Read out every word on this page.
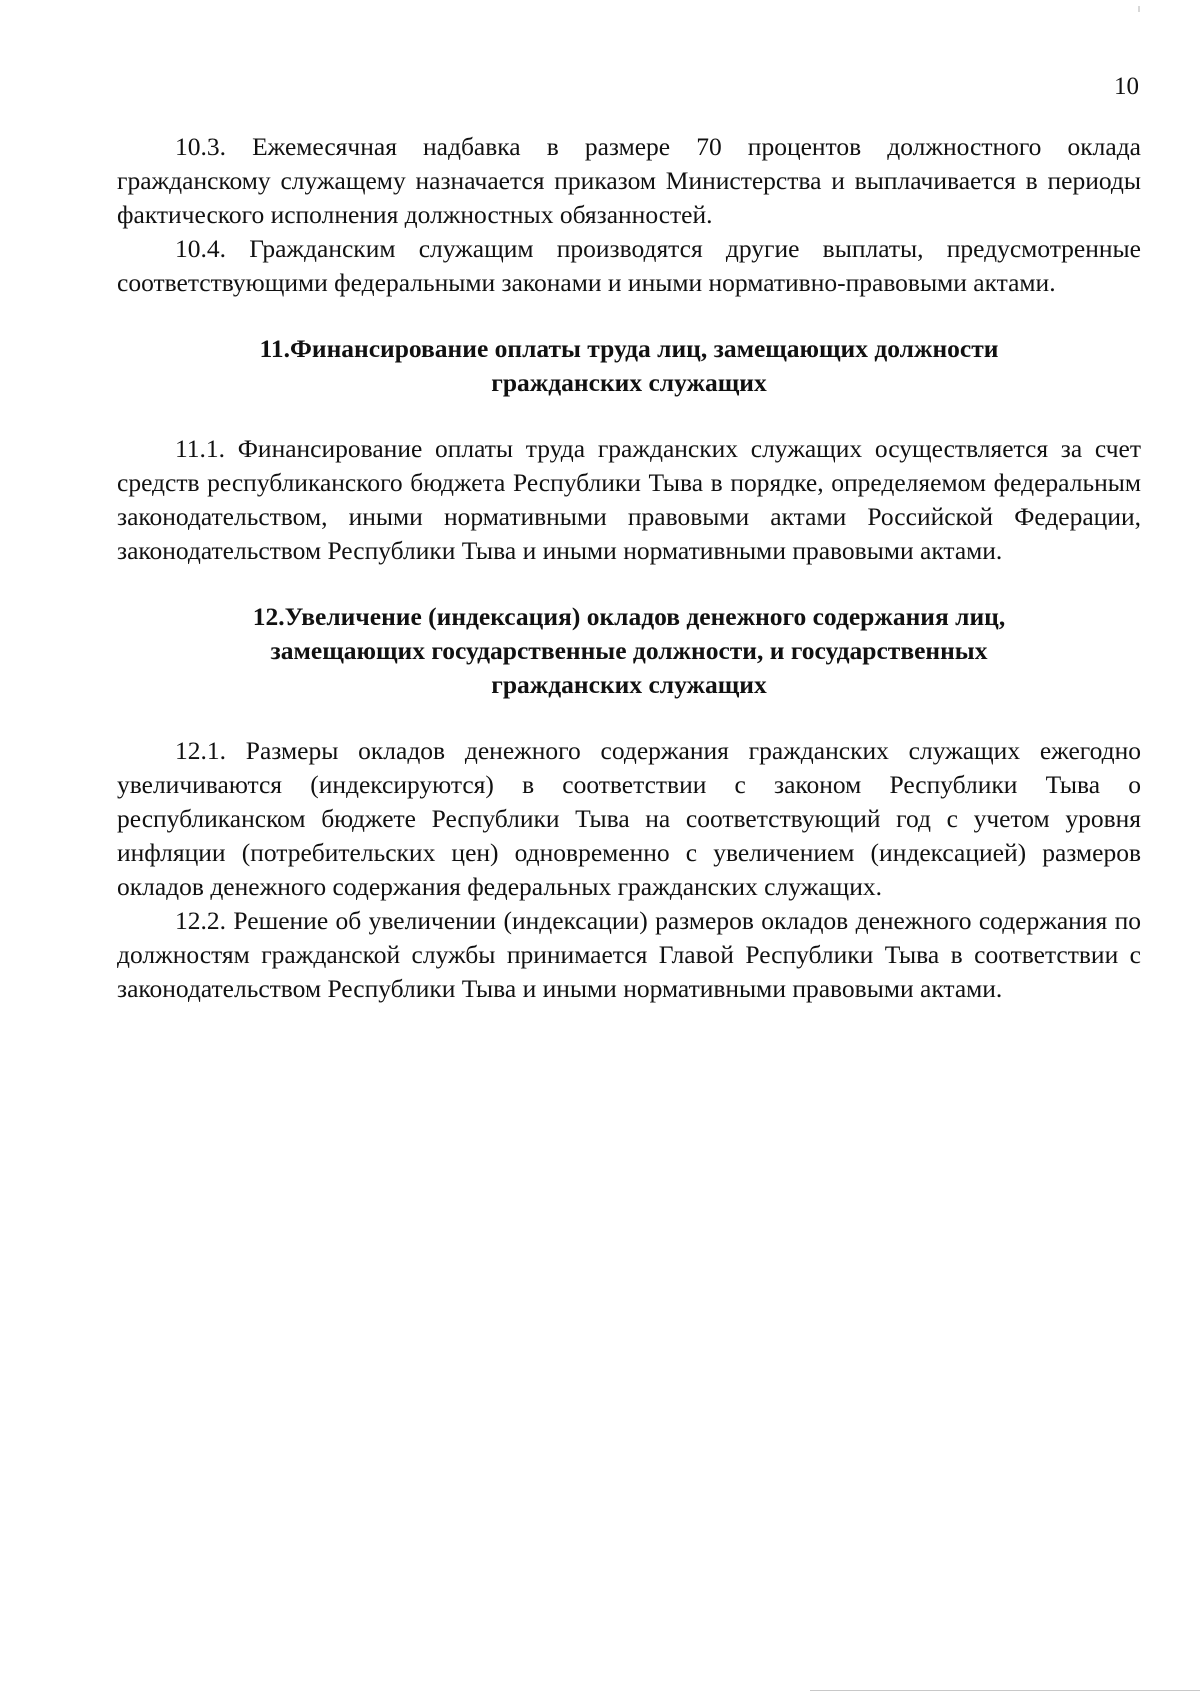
10

10.3. Ежемесячная надбавка в размере 70 процентов должностного оклада гражданскому служащему назначается приказом Министерства и выплачивается в периоды фактического исполнения должностных обязанностей.

10.4. Гражданским служащим производятся другие выплаты, предусмотренные соответствующими федеральными законами и иными нормативно-правовыми актами.

11.Финансирование оплаты труда лиц, замещающих должности
гражданских служащих

11.1. Финансирование оплаты труда гражданских служащих осуществляется за счет средств республиканского бюджета Республики Тыва в порядке, определяемом федеральным законодательством, иными нормативными правовыми актами Российской Федерации, законодательством Республики Тыва и иными нормативными правовыми актами.

12.Увеличение (индексация) окладов денежного содержания лиц,
замещающих государственные должности, и государственных
гражданских служащих

12.1. Размеры окладов денежного содержания гражданских служащих ежегодно увеличиваются (индексируются) в соответствии с законом Республики Тыва о республиканском бюджете Республики Тыва на соответствующий год с учетом уровня инфляции (потребительских цен) одновременно с увеличением (индексацией) размеров окладов денежного содержания федеральных гражданских служащих.

12.2. Решение об увеличении (индексации) размеров окладов денежного содержания по должностям гражданской службы принимается Главой Республики Тыва в соответствии с законодательством Республики Тыва и иными нормативными правовыми актами.
